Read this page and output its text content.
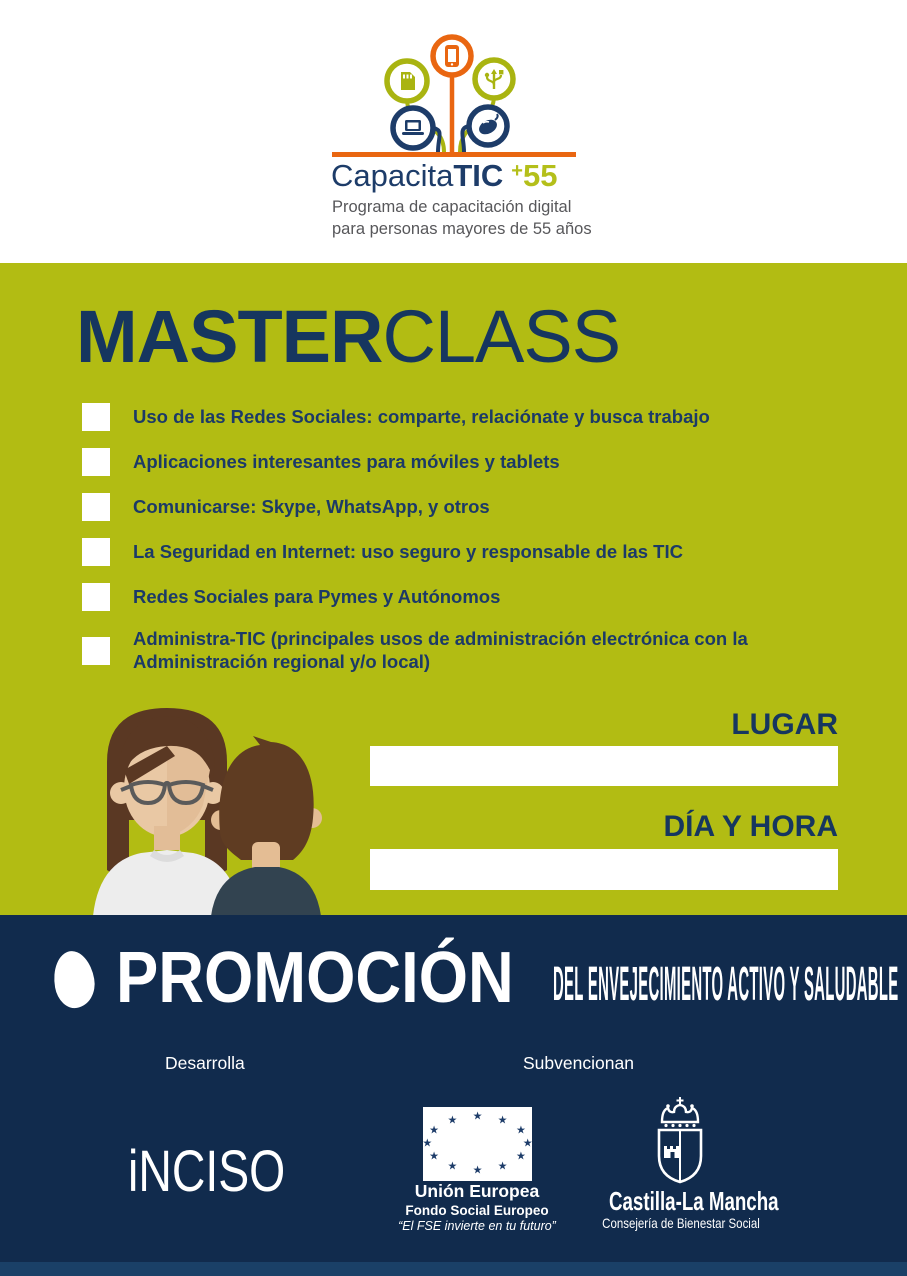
CapacitaTIC +55
Programa de capacitación digital
para personas mayores de 55 años
MASTERCLASS
Uso de las Redes Sociales: comparte, relaciónate y busca trabajo
Aplicaciones interesantes para móviles y tablets
Comunicarse: Skype, WhatsApp, y otros
La Seguridad en Internet: uso seguro y responsable de las TIC
Redes Sociales para Pymes y Autónomos
Administra-TIC (principales usos de administración electrónica con la Administración regional y/o local)
LUGAR
DÍA Y HORA
PROMOCIÓN DEL ENVEJECIMIENTO ACTIVO Y SALUDABLE
Desarrolla	Subvencionan
iNCISO
★ ★
★
★
★
★
★
★
★
★
★
★
Unión Europea
Fondo Social Europeo
“El FSE invierte en tu futuro”
Castilla-La Mancha
Consejería de Bienestar Social
